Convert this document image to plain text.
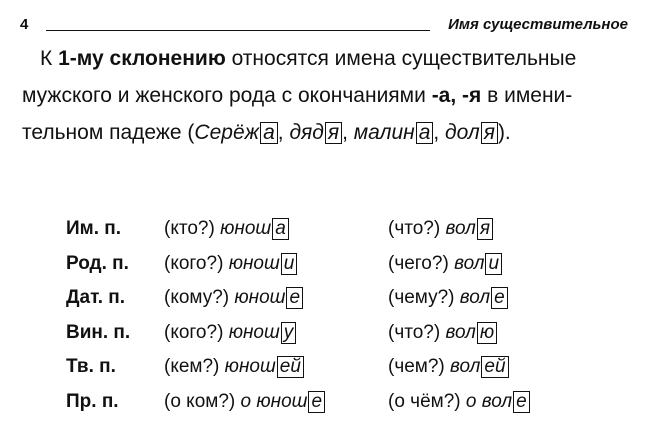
4	Имя существительное
К 1-му склонению относятся имена существительные
мужского и женского рода с окончаниями -а, -я в имени-
тельном падеже (Серёж а , дяд я , малин а , дол я ).
Им. п. (кто?) юнош а	(что?) вол я
Род. п. (кого?) юнош и	(чего?) вол и
Дат. п. (кому?) юнош е	(чему?) вол е
Вин. п. (кого?) юнош у	(что?) вол ю
Тв. п.	(кем?) юнош ей	(чем?) вол ей
Пр. п. (о ком?) о юнош е	(о чём?) о вол е
